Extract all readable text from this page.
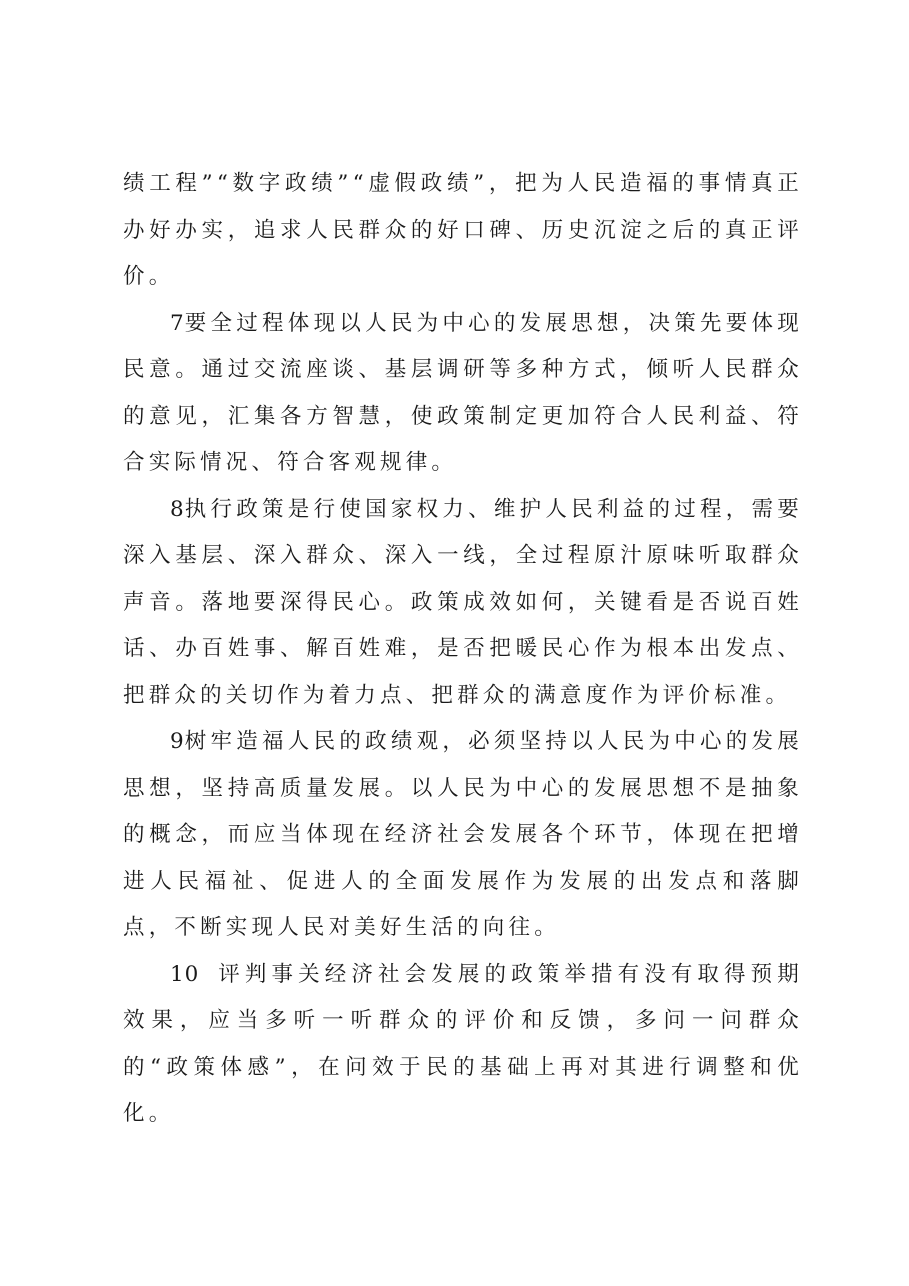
绩工程”“数字政绩”“虚假政绩”，把为人民造福的事情真正办好办实，追求人民群众的好口碑、历史沉淀之后的真正评价。

7要全过程体现以人民为中心的发展思想，决策先要体现民意。通过交流座谈、基层调研等多种方式，倾听人民群众的意见，汇集各方智慧，使政策制定更加符合人民利益、符合实际情况、符合客观规律。

8执行政策是行使国家权力、维护人民利益的过程，需要深入基层、深入群众、深入一线，全过程原汁原味听取群众声音。落地要深得民心。政策成效如何，关键看是否说百姓话、办百姓事、解百姓难，是否把暖民心作为根本出发点、把群众的关切作为着力点、把群众的满意度作为评价标准。

9树牢造福人民的政绩观，必须坚持以人民为中心的发展思想，坚持高质量发展。以人民为中心的发展思想不是抽象的概念，而应当体现在经济社会发展各个环节，体现在把增进人民福祉、促进人的全面发展作为发展的出发点和落脚点，不断实现人民对美好生活的向往。

10 评判事关经济社会发展的政策举措有没有取得预期效果，应当多听一听群众的评价和反馈，多问一问群众的“政策体感”，在问效于民的基础上再对其进行调整和优化。
